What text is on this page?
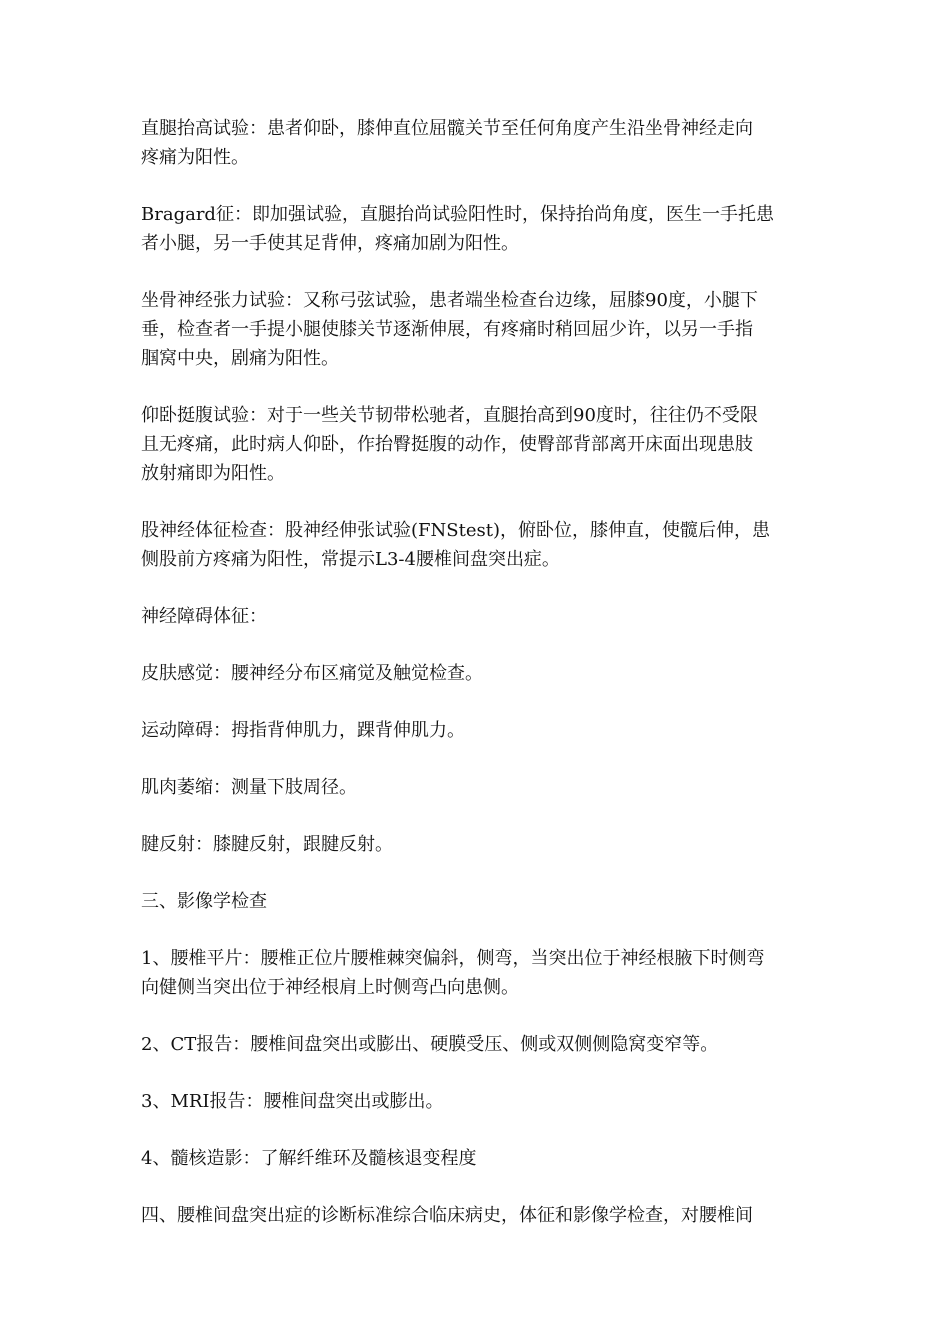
直腿抬高试验：患者仰卧，膝伸直位屈髋关节至任何角度产生沿坐骨神经走向
疼痛为阳性。

Bragard征：即加强试验，直腿抬尚试验阳性时，保持抬尚角度，医生一手托患
者小腿，另一手使其足背伸，疼痛加剧为阳性。

坐骨神经张力试验：又称弓弦试验，患者端坐检查台边缘，屈膝90度，小腿下
垂，检查者一手提小腿使膝关节逐渐伸展，有疼痛时稍回屈少许，以另一手指
腘窝中央，剧痛为阳性。

仰卧挺腹试验：对于一些关节韧带松驰者，直腿抬高到90度时，往往仍不受限
且无疼痛，此时病人仰卧，作抬臀挺腹的动作，使臀部背部离开床面出现患肢
放射痛即为阳性。

股神经体征检查：股神经伸张试验(FNStest)，俯卧位，膝伸直，使髋后伸，患
侧股前方疼痛为阳性，常提示L3-4腰椎间盘突出症。

神经障碍体征：

皮肤感觉：腰神经分布区痛觉及触觉检查。

运动障碍：拇指背伸肌力，踝背伸肌力。

肌肉萎缩：测量下肢周径。

腱反射：膝腱反射，跟腱反射。

三、影像学检查

1、腰椎平片：腰椎正位片腰椎棘突偏斜，侧弯，当突出位于神经根腋下时侧弯
向健侧当突出位于神经根肩上时侧弯凸向患侧。

2、CT报告：腰椎间盘突出或膨出、硬膜受压、侧或双侧侧隐窝变窄等。

3、MRI报告：腰椎间盘突出或膨出。

4、髓核造影：了解纤维环及髓核退变程度

四、腰椎间盘突出症的诊断标准综合临床病史，体征和影像学检查，对腰椎间
